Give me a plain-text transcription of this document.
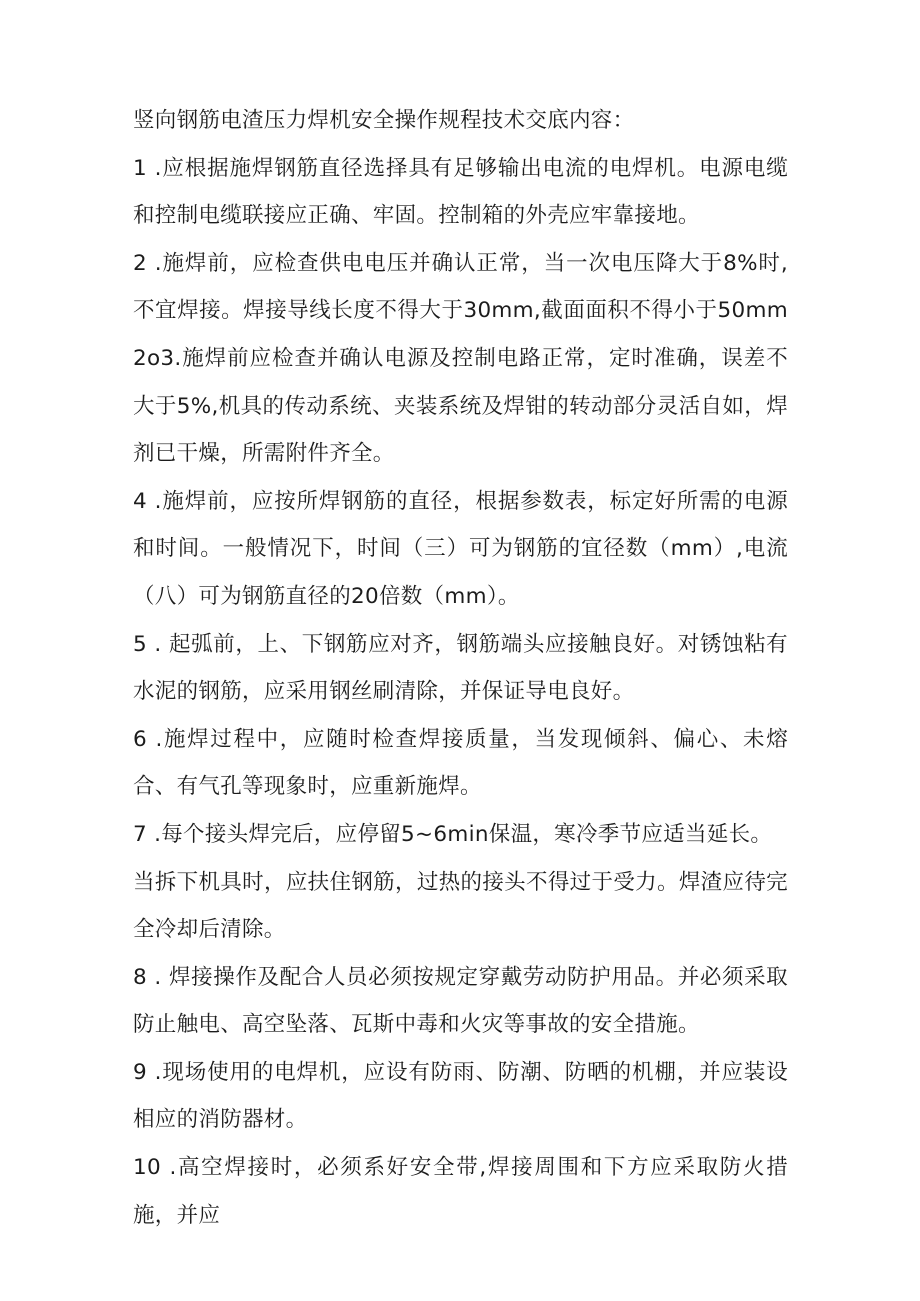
竖向钢筋电渣压力焊机安全操作规程技术交底内容：

1 .应根据施焊钢筋直径选择具有足够输出电流的电焊机。电源电缆和控制电缆联接应正确、牢固。控制箱的外壳应牢靠接地。

2 .施焊前，应检查供电电压并确认正常，当一次电压降大于8%时,不宜焊接。焊接导线长度不得大于30mm,截面面积不得小于50mm2o3.施焊前应检查并确认电源及控制电路正常，定时准确，误差不大于5%,机具的传动系统、夹装系统及焊钳的转动部分灵活自如，焊剂已干燥，所需附件齐全。

4 .施焊前，应按所焊钢筋的直径，根据参数表，标定好所需的电源和时间。一般情况下，时间（三）可为钢筋的宜径数（mm）,电流（八）可为钢筋直径的20倍数（mm）。

5 . 起弧前，上、下钢筋应对齐，钢筋端头应接触良好。对锈蚀粘有水泥的钢筋，应采用钢丝刷清除，并保证导电良好。

6 .施焊过程中，应随时检查焊接质量，当发现倾斜、偏心、未熔合、有气孔等现象时，应重新施焊。

7 .每个接头焊完后，应停留5~6min保温，寒冷季节应适当延长。

当拆下机具时，应扶住钢筋，过热的接头不得过于受力。焊渣应待完全冷却后清除。

8 . 焊接操作及配合人员必须按规定穿戴劳动防护用品。并必须采取防止触电、高空坠落、瓦斯中毒和火灾等事故的安全措施。

9 .现场使用的电焊机，应设有防雨、防潮、防晒的机棚，并应装设相应的消防器材。

10 .高空焊接时，必须系好安全带,焊接周围和下方应采取防火措施，并应
